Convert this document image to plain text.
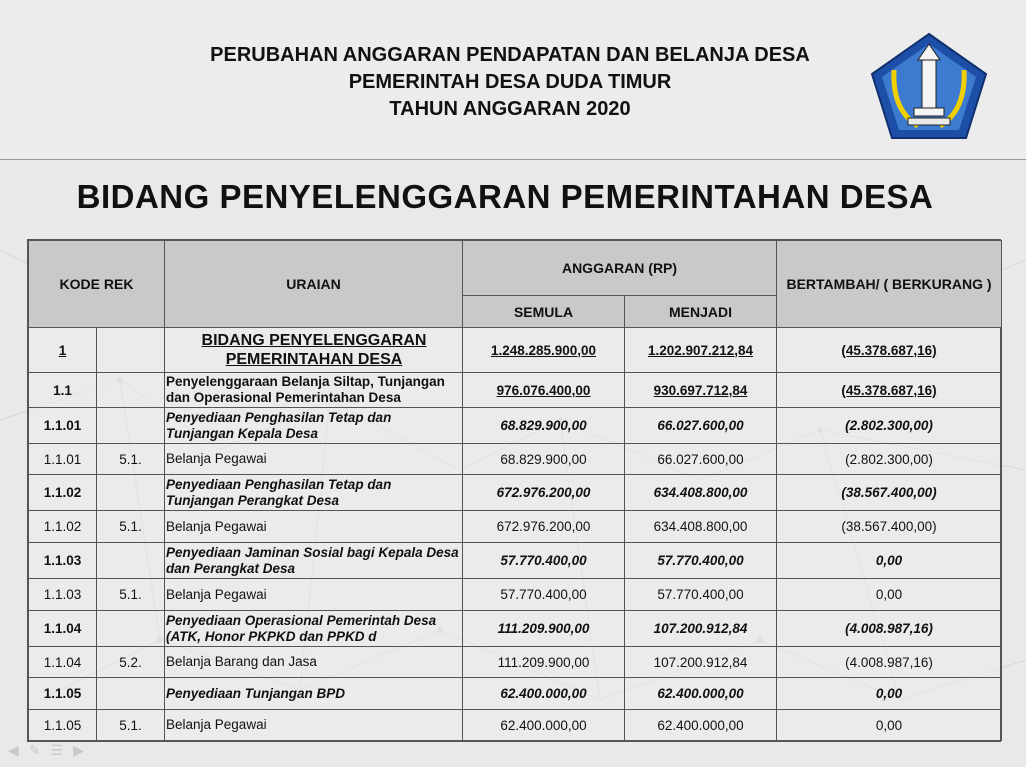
PERUBAHAN ANGGARAN PENDAPATAN DAN BELANJA DESA
PEMERINTAH DESA DUDA TIMUR
TAHUN ANGGARAN 2020
BIDANG PENYELENGGARAN PEMERINTAHAN DESA
KODE REK		URAIAN	ANGGARAN (RP)		BERTAMBAH/ ( BERKURANG )
			SEMULA	MENJADI	
1		BIDANG PENYELENGGARAN PEMERINTAHAN DESA	1.248.285.900,00	1.202.907.212,84	(45.378.687,16)
1.1		Penyelenggaraan Belanja Siltap, Tunjangan dan Operasional Pemerintahan Desa	976.076.400,00	930.697.712,84	(45.378.687,16)
1.1.01		Penyediaan Penghasilan Tetap dan Tunjangan Kepala Desa	68.829.900,00	66.027.600,00	(2.802.300,00)
1.1.01	5.1.	Belanja Pegawai	68.829.900,00	66.027.600,00	(2.802.300,00)
1.1.02		Penyediaan Penghasilan Tetap dan Tunjangan Perangkat Desa	672.976.200,00	634.408.800,00	(38.567.400,00)
1.1.02	5.1.	Belanja Pegawai	672.976.200,00	634.408.800,00	(38.567.400,00)
1.1.03		Penyediaan Jaminan Sosial bagi Kepala Desa dan Perangkat Desa	57.770.400,00	57.770.400,00	0,00
1.1.03	5.1.	Belanja Pegawai	57.770.400,00	57.770.400,00	0,00
1.1.04		Penyediaan Operasional Pemerintah Desa (ATK, Honor PKPKD dan PPKD d	111.209.900,00	107.200.912,84	(4.008.987,16)
1.1.04	5.2.	Belanja Barang dan Jasa	111.209.900,00	107.200.912,84	(4.008.987,16)
1.1.05		Penyediaan Tunjangan BPD	62.400.000,00	62.400.000,00	0,00
1.1.05	5.1.	Belanja Pegawai	62.400.000,00	62.400.000,00	0,00
◀ ✎ ☰ ▶
